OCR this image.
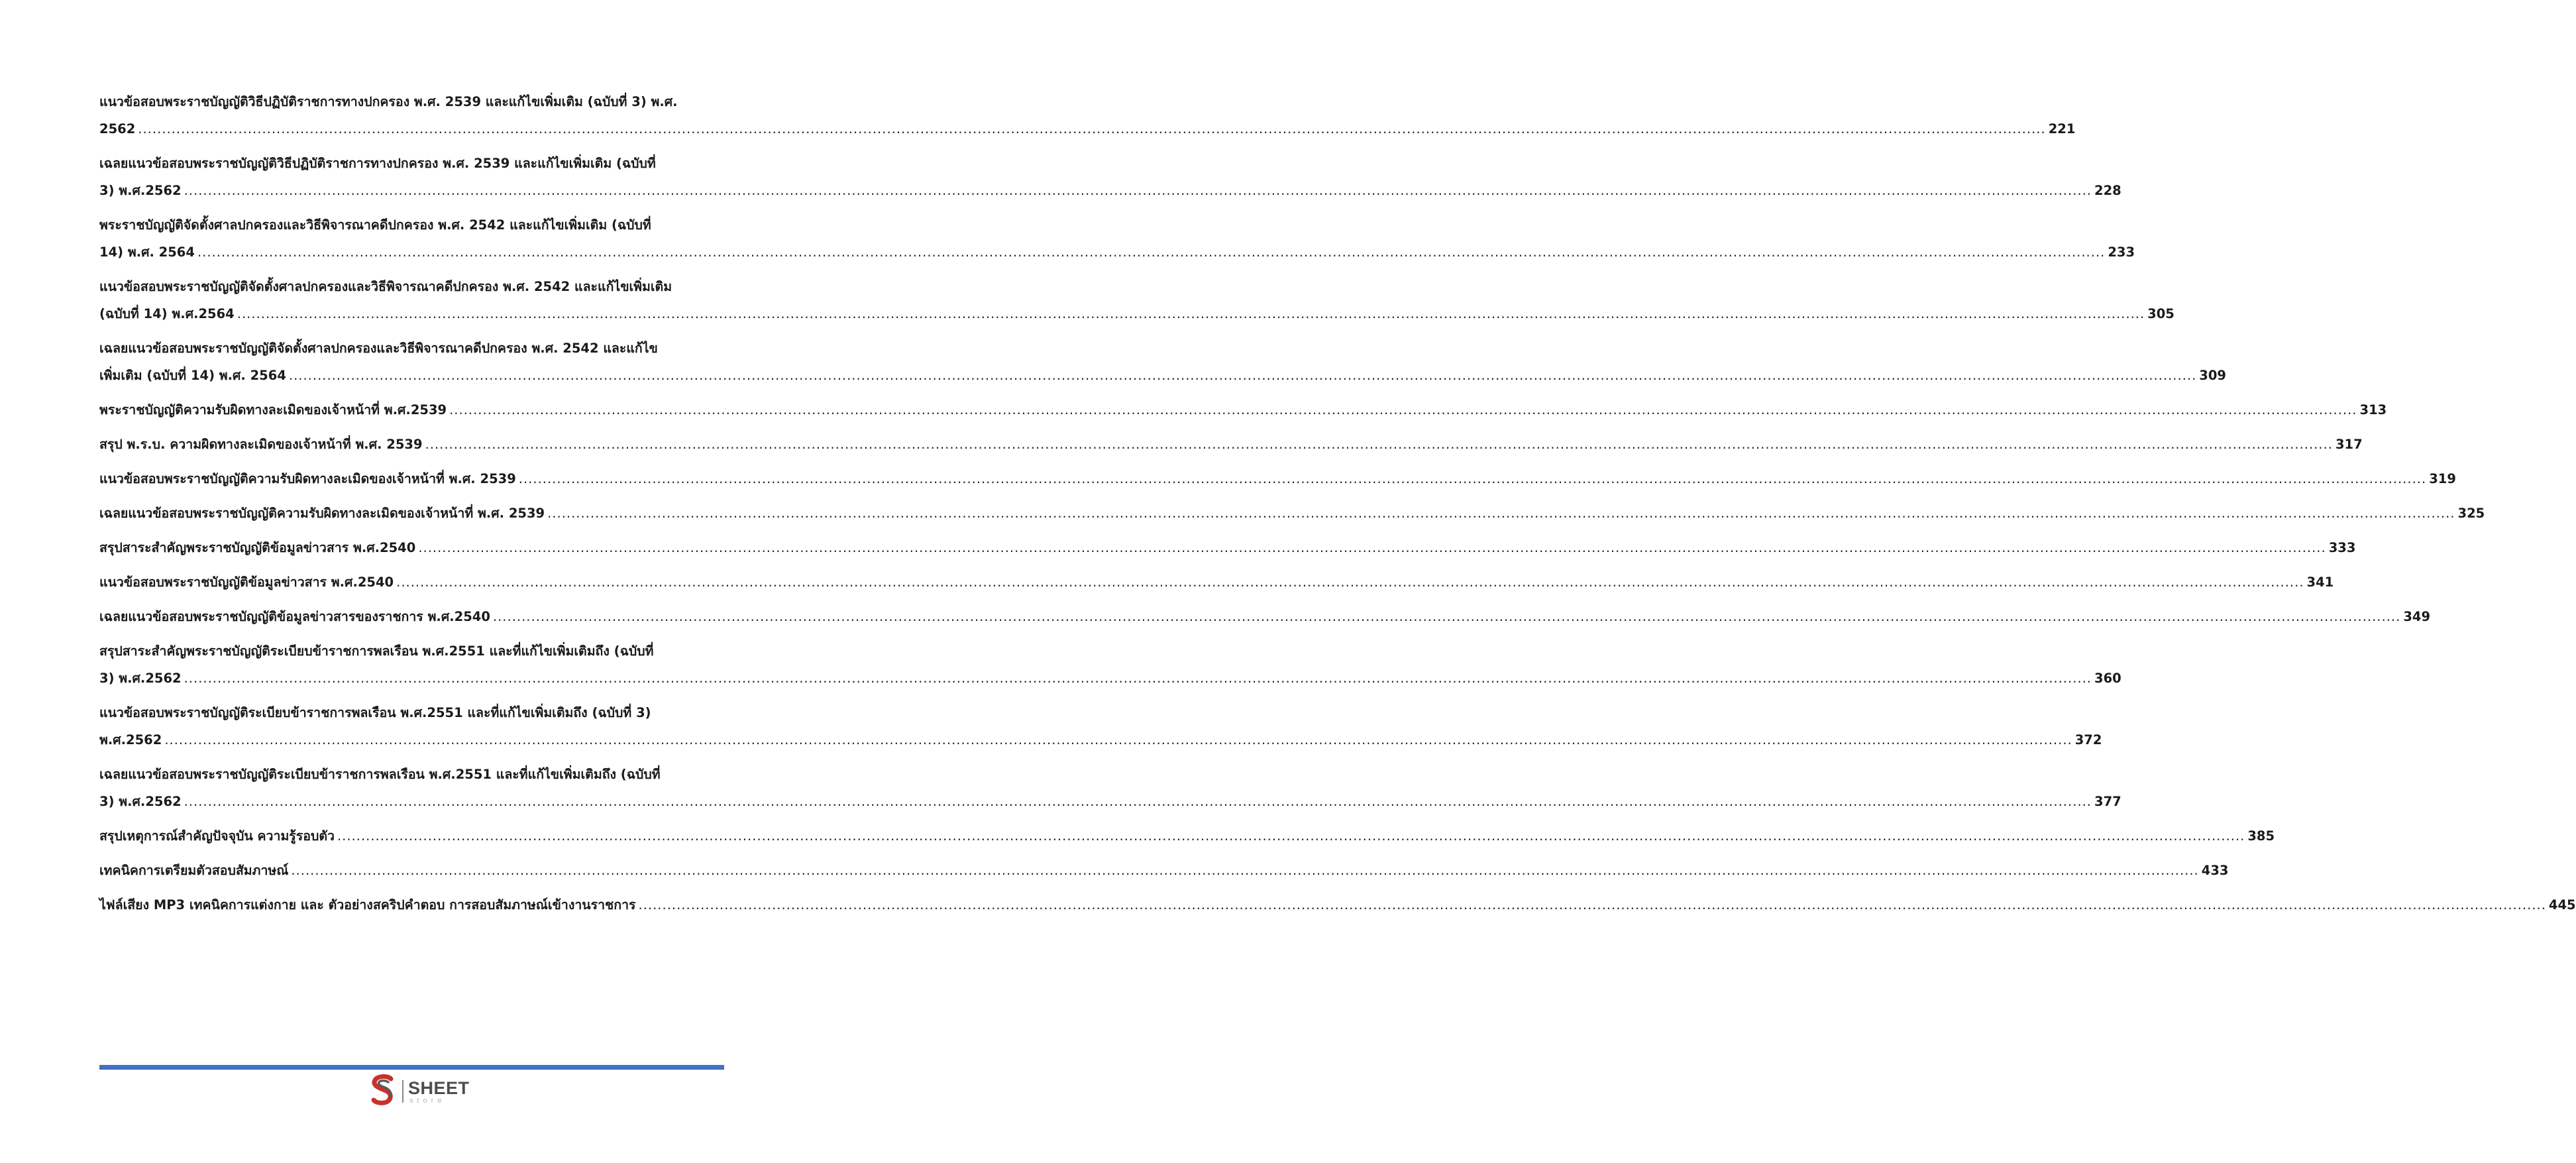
แนวข้อสอบพระราชบัญญัติวิธีปฏิบัติราชการทางปกครอง พ.ศ. 2539 และแก้ไขเพิ่มเติม (ฉบับที่ 3) พ.ศ.
2562 ................................................................................................................................................................................................................................................................................................................................................................................................................ 221
เฉลยแนวข้อสอบพระราชบัญญัติวิธีปฏิบัติราชการทางปกครอง พ.ศ. 2539 และแก้ไขเพิ่มเติม (ฉบับที่
3) พ.ศ.2562 ................................................................................................................................................................................................................................................................................................................................................................................................................ 228
พระราชบัญญัติจัดตั้งศาลปกครองและวิธีพิจารณาคดีปกครอง พ.ศ. 2542 และแก้ไขเพิ่มเติม (ฉบับที่
14) พ.ศ. 2564 ................................................................................................................................................................................................................................................................................................................................................................................................................ 233
แนวข้อสอบพระราชบัญญัติจัดตั้งศาลปกครองและวิธีพิจารณาคดีปกครอง พ.ศ. 2542 และแก้ไขเพิ่มเติม
(ฉบับที่ 14) พ.ศ.2564 ................................................................................................................................................................................................................................................................................................................................................................................................................ 305
เฉลยแนวข้อสอบพระราชบัญญัติจัดตั้งศาลปกครองและวิธีพิจารณาคดีปกครอง พ.ศ. 2542 และแก้ไข
เพิ่มเติม (ฉบับที่ 14) พ.ศ. 2564 ................................................................................................................................................................................................................................................................................................................................................................................................................ 309
พระราชบัญญัติความรับผิดทางละเมิดของเจ้าหน้าที่ พ.ศ.2539 ................................................................................................................................................................................................................................................................................................................................................................................................................ 313
สรุป พ.ร.บ. ความผิดทางละเมิดของเจ้าหน้าที่ พ.ศ. 2539 ................................................................................................................................................................................................................................................................................................................................................................................................................ 317
แนวข้อสอบพระราชบัญญัติความรับผิดทางละเมิดของเจ้าหน้าที่ พ.ศ. 2539 ................................................................................................................................................................................................................................................................................................................................................................................................................ 319
เฉลยแนวข้อสอบพระราชบัญญัติความรับผิดทางละเมิดของเจ้าหน้าที่ พ.ศ. 2539 ................................................................................................................................................................................................................................................................................................................................................................................................................ 325
สรุปสาระสำคัญพระราชบัญญัติข้อมูลข่าวสาร พ.ศ.2540 ................................................................................................................................................................................................................................................................................................................................................................................................................ 333
แนวข้อสอบพระราชบัญญัติข้อมูลข่าวสาร พ.ศ.2540 ................................................................................................................................................................................................................................................................................................................................................................................................................ 341
เฉลยแนวข้อสอบพระราชบัญญัติข้อมูลข่าวสารของราชการ พ.ศ.2540 ................................................................................................................................................................................................................................................................................................................................................................................................................ 349
สรุปสาระสำคัญพระราชบัญญัติระเบียบข้าราชการพลเรือน พ.ศ.2551 และที่แก้ไขเพิ่มเติมถึง (ฉบับที่
3) พ.ศ.2562 ................................................................................................................................................................................................................................................................................................................................................................................................................ 360
แนวข้อสอบพระราชบัญญัติระเบียบข้าราชการพลเรือน พ.ศ.2551 และที่แก้ไขเพิ่มเติมถึง (ฉบับที่ 3)
พ.ศ.2562 ................................................................................................................................................................................................................................................................................................................................................................................................................ 372
เฉลยแนวข้อสอบพระราชบัญญัติระเบียบข้าราชการพลเรือน พ.ศ.2551 และที่แก้ไขเพิ่มเติมถึง (ฉบับที่
3) พ.ศ.2562 ................................................................................................................................................................................................................................................................................................................................................................................................................ 377
สรุปเหตุการณ์สำคัญปัจจุบัน ความรู้รอบตัว ................................................................................................................................................................................................................................................................................................................................................................................................................ 385
เทคนิคการเตรียมตัวสอบสัมภาษณ์ ................................................................................................................................................................................................................................................................................................................................................................................................................ 433
ไฟล์เสียง MP3 เทคนิคการแต่งกาย และ ตัวอย่างสคริปคำตอบ การสอบสัมภาษณ์เข้างานราชการ ................................................................................................................................................................................................................................................................................................................................................................................................................ 445
SHEET
store
